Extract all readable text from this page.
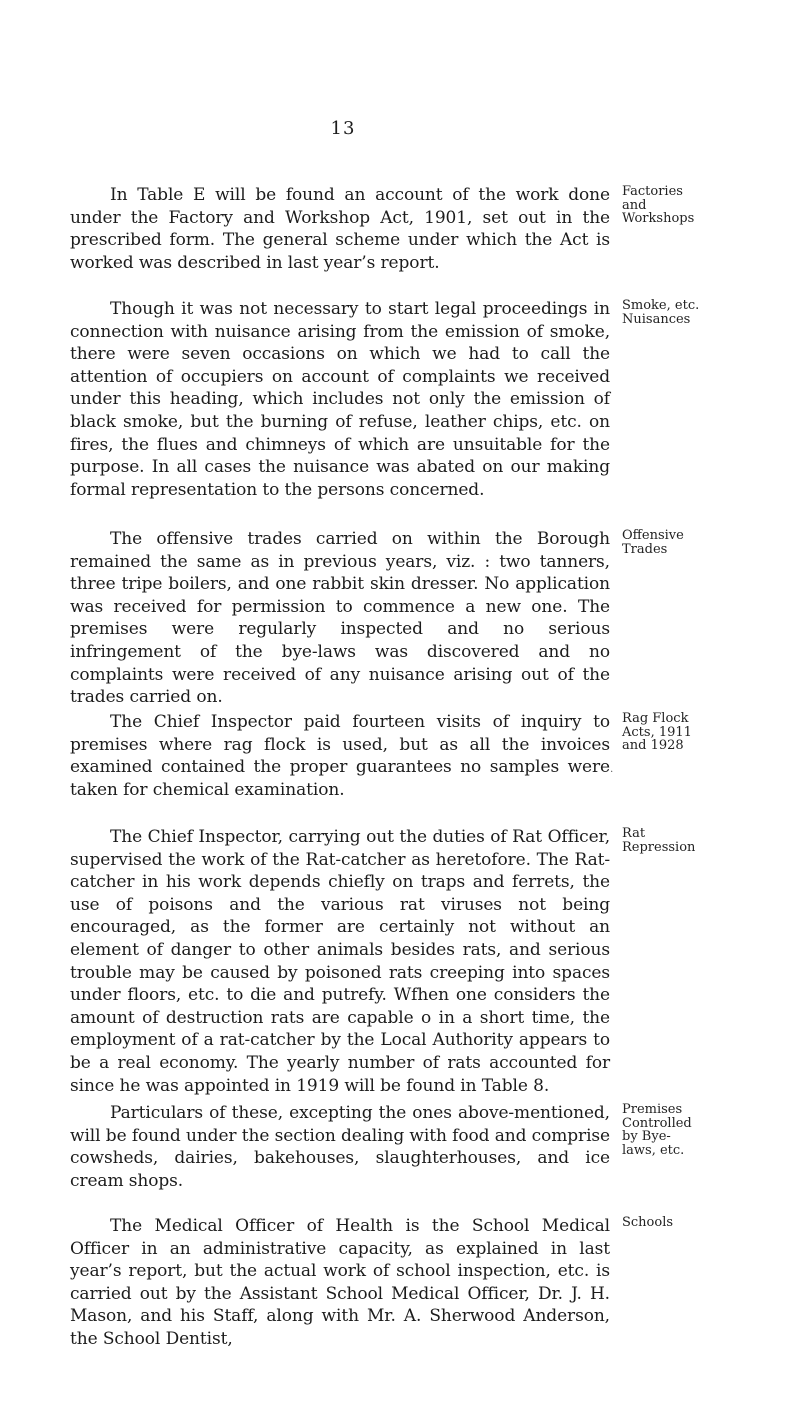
13

In Table E will be found an account of the work done under the Factory and Workshop Act, 1901, set out in the prescribed form. The general scheme under which the Act is worked was described in last year’s report.

Factories
and
Workshops

Though it was not necessary to start legal proceedings in connection with nuisance arising from the emission of smoke, there were seven occasions on which we had to call the attention of occupiers on account of complaints we received under this heading, which includes not only the emission of black smoke, but the burning of refuse, leather chips, etc. on fires, the flues and chimneys of which are unsuitable for the purpose. In all cases the nuisance was abated on our making formal representation to the persons concerned.

Smoke, etc.
Nuisances

The offensive trades carried on within the Borough remained the same as in previous years, viz. : two tanners, three tripe boilers, and one rabbit skin dresser. No application was received for permission to commence a new one. The premises were regularly inspected and no serious infringement of the bye-laws was discovered and no complaints were received of any nuisance arising out of the trades carried on.

Offensive
Trades

The Chief Inspector paid fourteen visits of inquiry to premises where rag flock is used, but as all the invoices examined contained the proper guarantees no samples were taken for chemical examination.

Rag Flock
Acts, 1911
and 1928

The Chief Inspector, carrying out the duties of Rat Officer, supervised the work of the Rat-catcher as heretofore. The Rat-catcher in his work depends chiefly on traps and ferrets, the use of poisons and the various rat viruses not being encouraged, as the former are certainly not without an element of danger to other animals besides rats, and serious trouble may be caused by poisoned rats creeping into spaces under floors, etc. to die and putrefy. Wfhen one considers the amount of destruction rats are capable o in a short time, the employment of a rat-catcher by the Local Authority appears to be a real economy. The yearly number of rats accounted for since he was appointed in 1919 will be found in Table 8.

Rat
Repression

Particulars of these, excepting the ones above-mentioned, will be found under the section dealing with food and comprise cowsheds, dairies, bakehouses, slaughterhouses, and ice cream shops.

Premises
Controlled
by Bye-
laws, etc.

The Medical Officer of Health is the School Medical Officer in an administrative capacity, as explained in last year’s report, but the actual work of school inspection, etc. is carried out by the Assistant School Medical Officer, Dr. J. H. Mason, and his Staff, along with Mr. A. Sherwood Anderson, the School Dentist,

Schools
․
